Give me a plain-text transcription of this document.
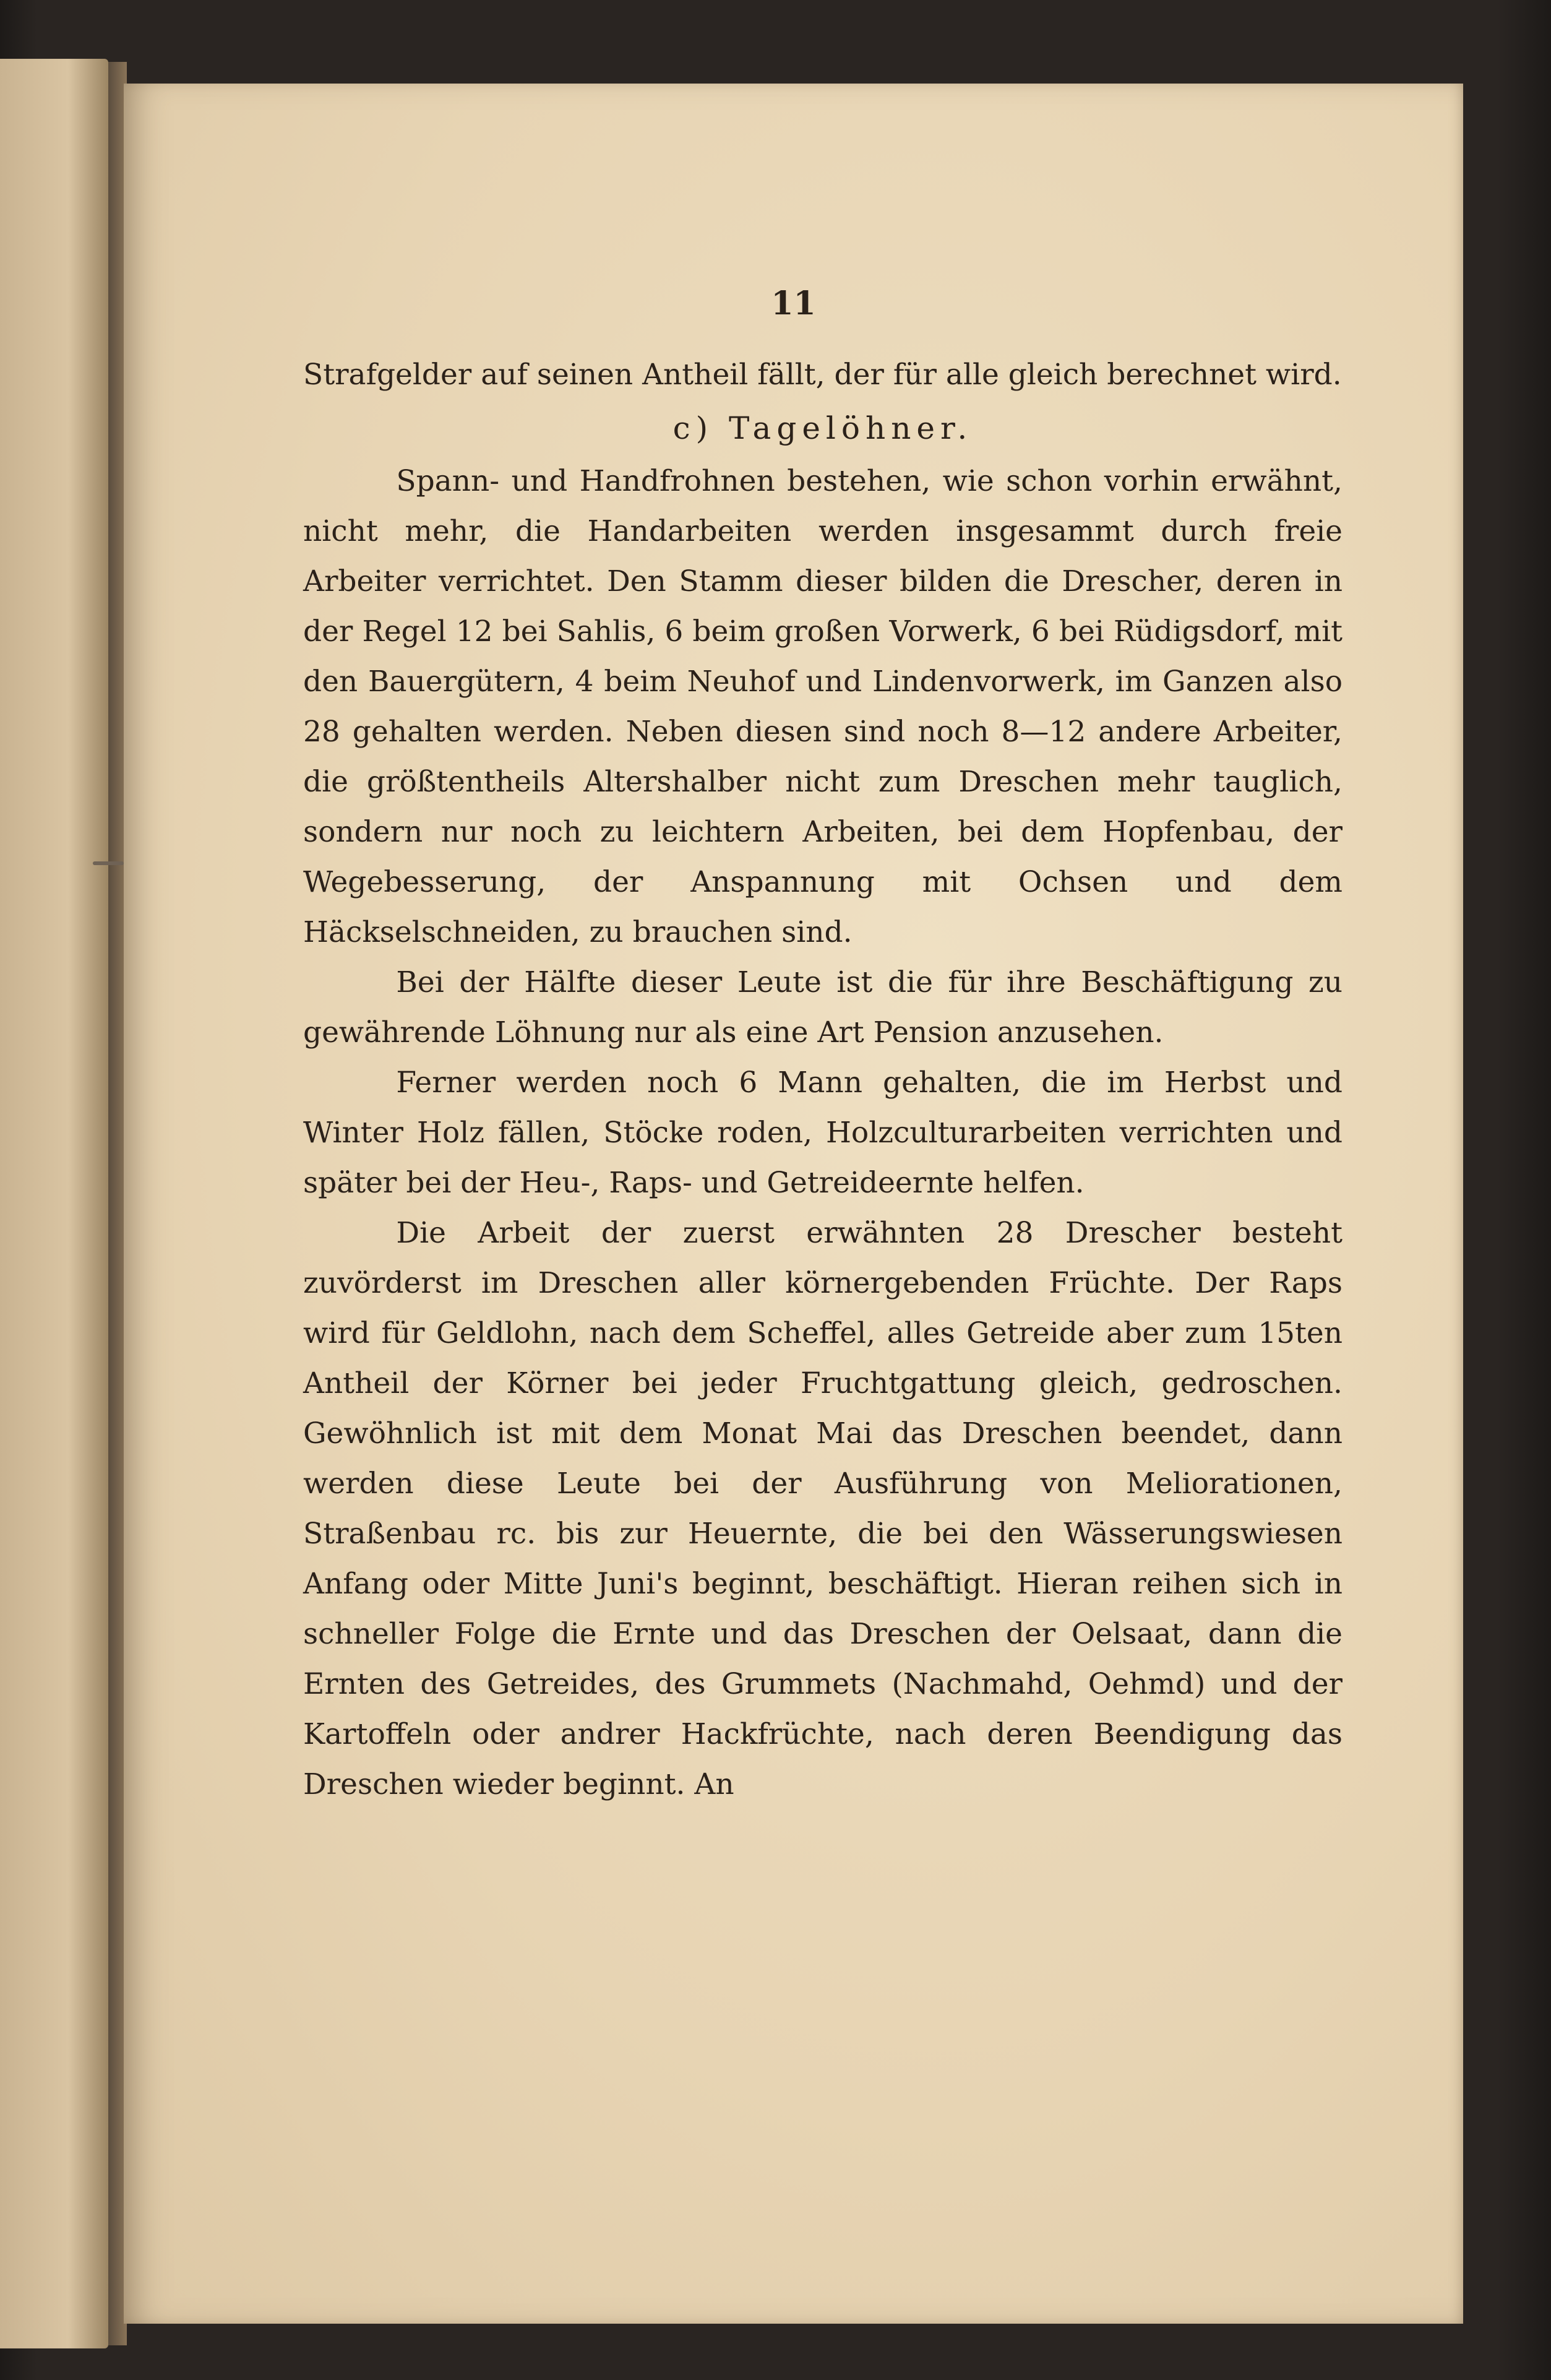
11

Strafgelder auf seinen Antheil fällt, der für alle gleich berechnet wird.

c) Tagelöhner.

Spann- und Handfrohnen bestehen, wie schon vorhin erwähnt, nicht mehr, die Handarbeiten werden insgesammt durch freie Arbeiter verrichtet. Den Stamm dieser bilden die Drescher, deren in der Regel 12 bei Sahlis, 6 beim großen Vorwerk, 6 bei Rüdigsdorf, mit den Bauergütern, 4 beim Neuhof und Lindenvorwerk, im Ganzen also 28 gehalten werden. Neben diesen sind noch 8—12 andere Arbeiter, die größtentheils Altershalber nicht zum Dreschen mehr tauglich, sondern nur noch zu leichtern Arbeiten, bei dem Hopfenbau, der Wegebesserung, der Anspannung mit Ochsen und dem Häckselschneiden, zu brauchen sind.

Bei der Hälfte dieser Leute ist die für ihre Beschäftigung zu gewährende Löhnung nur als eine Art Pension anzusehen.

Ferner werden noch 6 Mann gehalten, die im Herbst und Winter Holz fällen, Stöcke roden, Holzculturarbeiten verrichten und später bei der Heu-, Raps- und Getreideernte helfen.

Die Arbeit der zuerst erwähnten 28 Drescher besteht zuvörderst im Dreschen aller körnergebenden Früchte. Der Raps wird für Geldlohn, nach dem Scheffel, alles Getreide aber zum 15ten Antheil der Körner bei jeder Fruchtgattung gleich, gedroschen. Gewöhnlich ist mit dem Monat Mai das Dreschen beendet, dann werden diese Leute bei der Ausführung von Meliorationen, Straßenbau rc. bis zur Heuernte, die bei den Wässerungswiesen Anfang oder Mitte Juni's beginnt, beschäftigt. Hieran reihen sich in schneller Folge die Ernte und das Dreschen der Oelsaat, dann die Ernten des Getreides, des Grummets (Nachmahd, Oehmd) und der Kartoffeln oder andrer Hackfrüchte, nach deren Beendigung das Dreschen wieder beginnt. An
